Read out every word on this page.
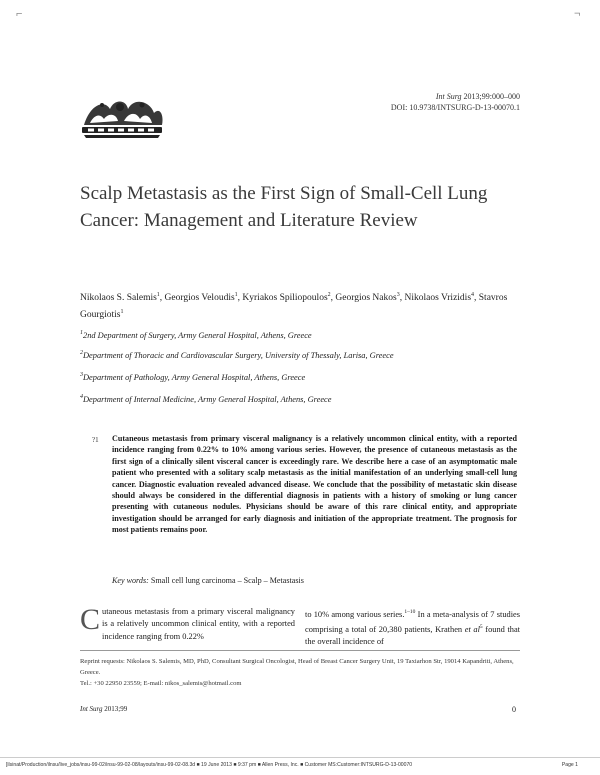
⌐	¬
Int Surg 2013;99:000–000
DOI: 10.9738/INTSURG-D-13-00070.1
Scalp Metastasis as the First Sign of Small-Cell Lung Cancer: Management and Literature Review
Nikolaos S. Salemis$^1$, Georgios Veloudis$^1$, Kyriakos Spiliopoulos$^2$, Georgios Nakos$^3$, Nikolaos Vrizidis$^4$, Stavros Gourgiotis$^1$
$^1$2nd Department of Surgery, Army General Hospital, Athens, Greece
$^2$Department of Thoracic and Cardiovascular Surgery, University of Thessaly, Larisa, Greece
$^3$Department of Pathology, Army General Hospital, Athens, Greece
$^4$Department of Internal Medicine, Army General Hospital, Athens, Greece
?1 Cutaneous metastasis from primary visceral malignancy is a relatively uncommon clinical entity, with a reported incidence ranging from 0.22% to 10% among various series. However, the presence of cutaneous metastasis as the first sign of a clinically silent visceral cancer is exceedingly rare. We describe here a case of an asymptomatic male patient who presented with a solitary scalp metastasis as the initial manifestation of an underlying small-cell lung cancer. Diagnostic evaluation revealed advanced disease. We conclude that the possibility of metastatic skin disease should always be considered in the differential diagnosis in patients with a history of smoking or lung cancer presenting with cutaneous nodules. Physicians should be aware of this rare clinical entity, and appropriate investigation should be arranged for early diagnosis and initiation of the appropriate treatment. The prognosis for most patients remains poor.
Key words: Small cell lung carcinoma – Scalp – Metastasis
Cutaneous metastasis from a primary visceral malignancy is a relatively uncommon clinical entity, with a reported incidence ranging from 0.22%
to 10% among various series.$^{1-10}$ In a meta-analysis of 7 studies comprising a total of 20,380 patients, Krathen et $al^5$ found that the overall incidence of
Reprint requests: Nikolaos S. Salemis, MD, PhD, Consultant Surgical Oncologist, Head of Breast Cancer Surgery Unit, 19 Taxiarhon Str, 19014 Kapandriti, Athens, Greece.
Tel.: +30 22950 23559; E-mail: nikos_salemis@hotmail.com
Int Surg 2013;99	0
[ilsinat/Production/ilnsu/live_jobs/insu-99-02/insu-99-02-08/layouts/insu-99-02-08.3d ■ 19 June 2013 ■ 9:37 pm ■ Allen Press, Inc. ■ Customer MS:Customer:INTSURG-D-13-00070	Page 1
